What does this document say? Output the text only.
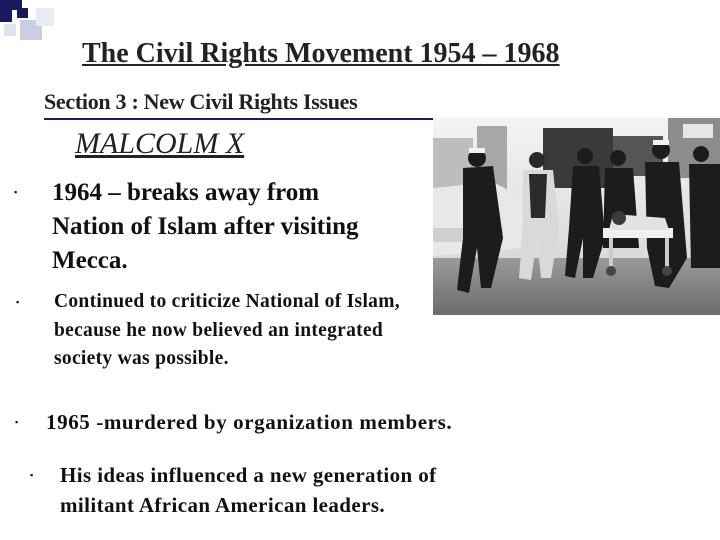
The Civil Rights Movement 1954 – 1968
Section 3 : New Civil Rights Issues
MALCOLM X
▪ 1964 – breaks away from Nation of Islam after visiting Mecca.
▪ Continued to criticize National of Islam, because he now believed an integrated society was possible.
▪ 1965 -murdered by organization members.
▪ His ideas influenced a new generation of militant African American leaders.
